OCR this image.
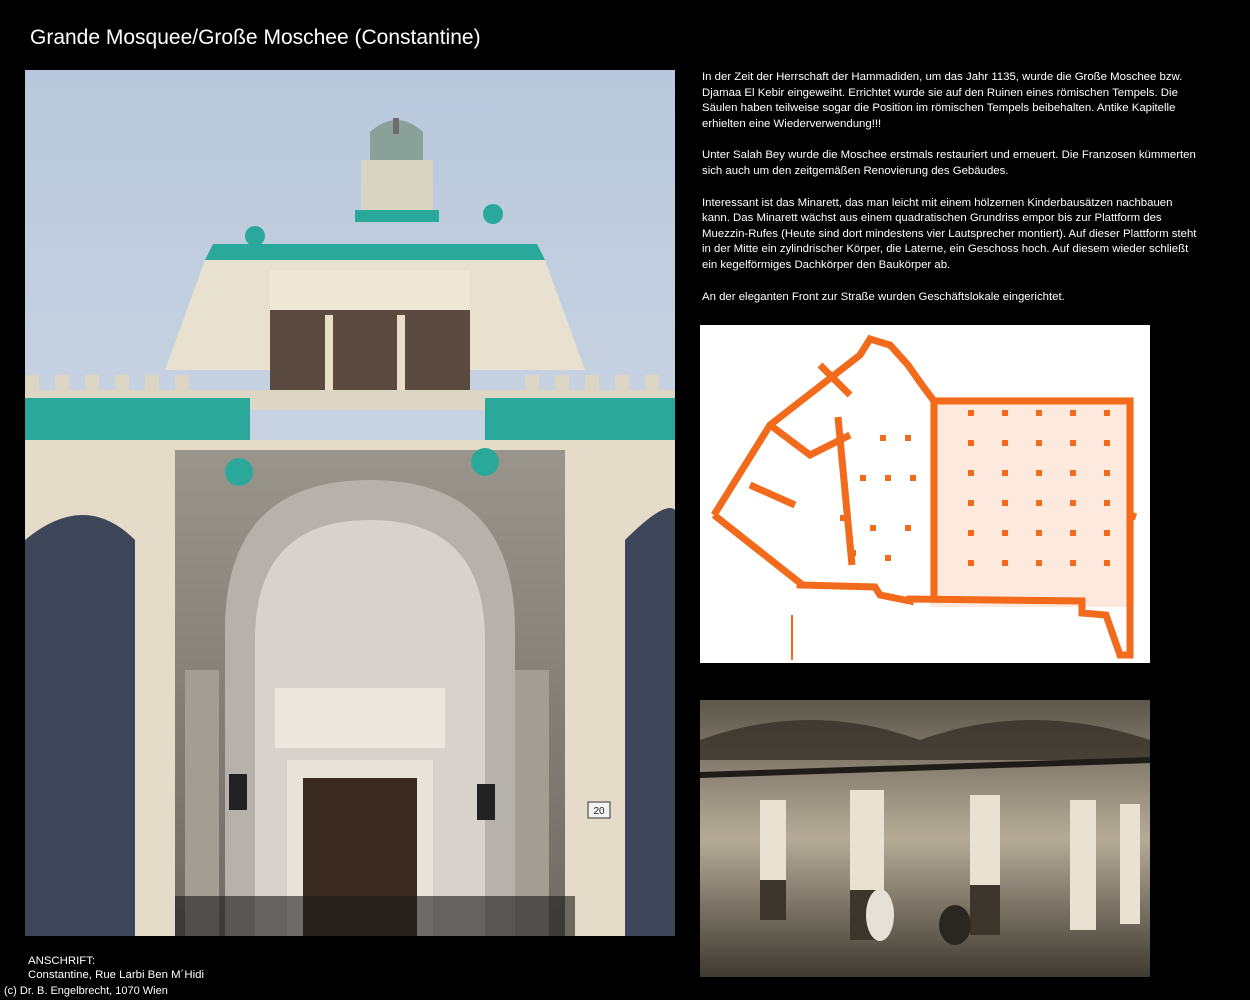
Grande Mosquee/Große Moschee (Constantine)
20

In der Zeit der Herrschaft der Hammadiden, um das Jahr 1135, wurde die Große Moschee bzw. Djamaa El Kebir eingeweiht. Errichtet wurde sie auf den Ruinen eines römischen Tempels. Die Säulen haben teilweise sogar die Position im römischen Tempels beibehalten. Antike Kapitelle erhielten eine Wiederverwendung!!!

Unter Salah Bey wurde die Moschee erstmals restauriert und erneuert. Die Franzosen kümmerten sich auch um den zeitgemäßen Renovierung des Gebäudes.

Interessant ist das Minarett, das man leicht mit einem hölzernen Kinderbausätzen nachbauen kann. Das Minarett wächst aus einem quadratischen Grundriss empor bis zur Plattform des Muezzin-Rufes (Heute sind dort mindestens vier Lautsprecher montiert). Auf dieser Plattform steht in der Mitte ein zylindrischer Körper, die Laterne, ein Geschoss hoch. Auf diesem wieder schließt ein kegelförmiges Dachkörper den Baukörper ab.

An der eleganten Front zur Straße wurden Geschäftslokale eingerichtet.

ANSCHRIFT:
Constantine, Rue Larbi Ben M´Hidi
(c) Dr. B. Engelbrecht, 1070 Wien
